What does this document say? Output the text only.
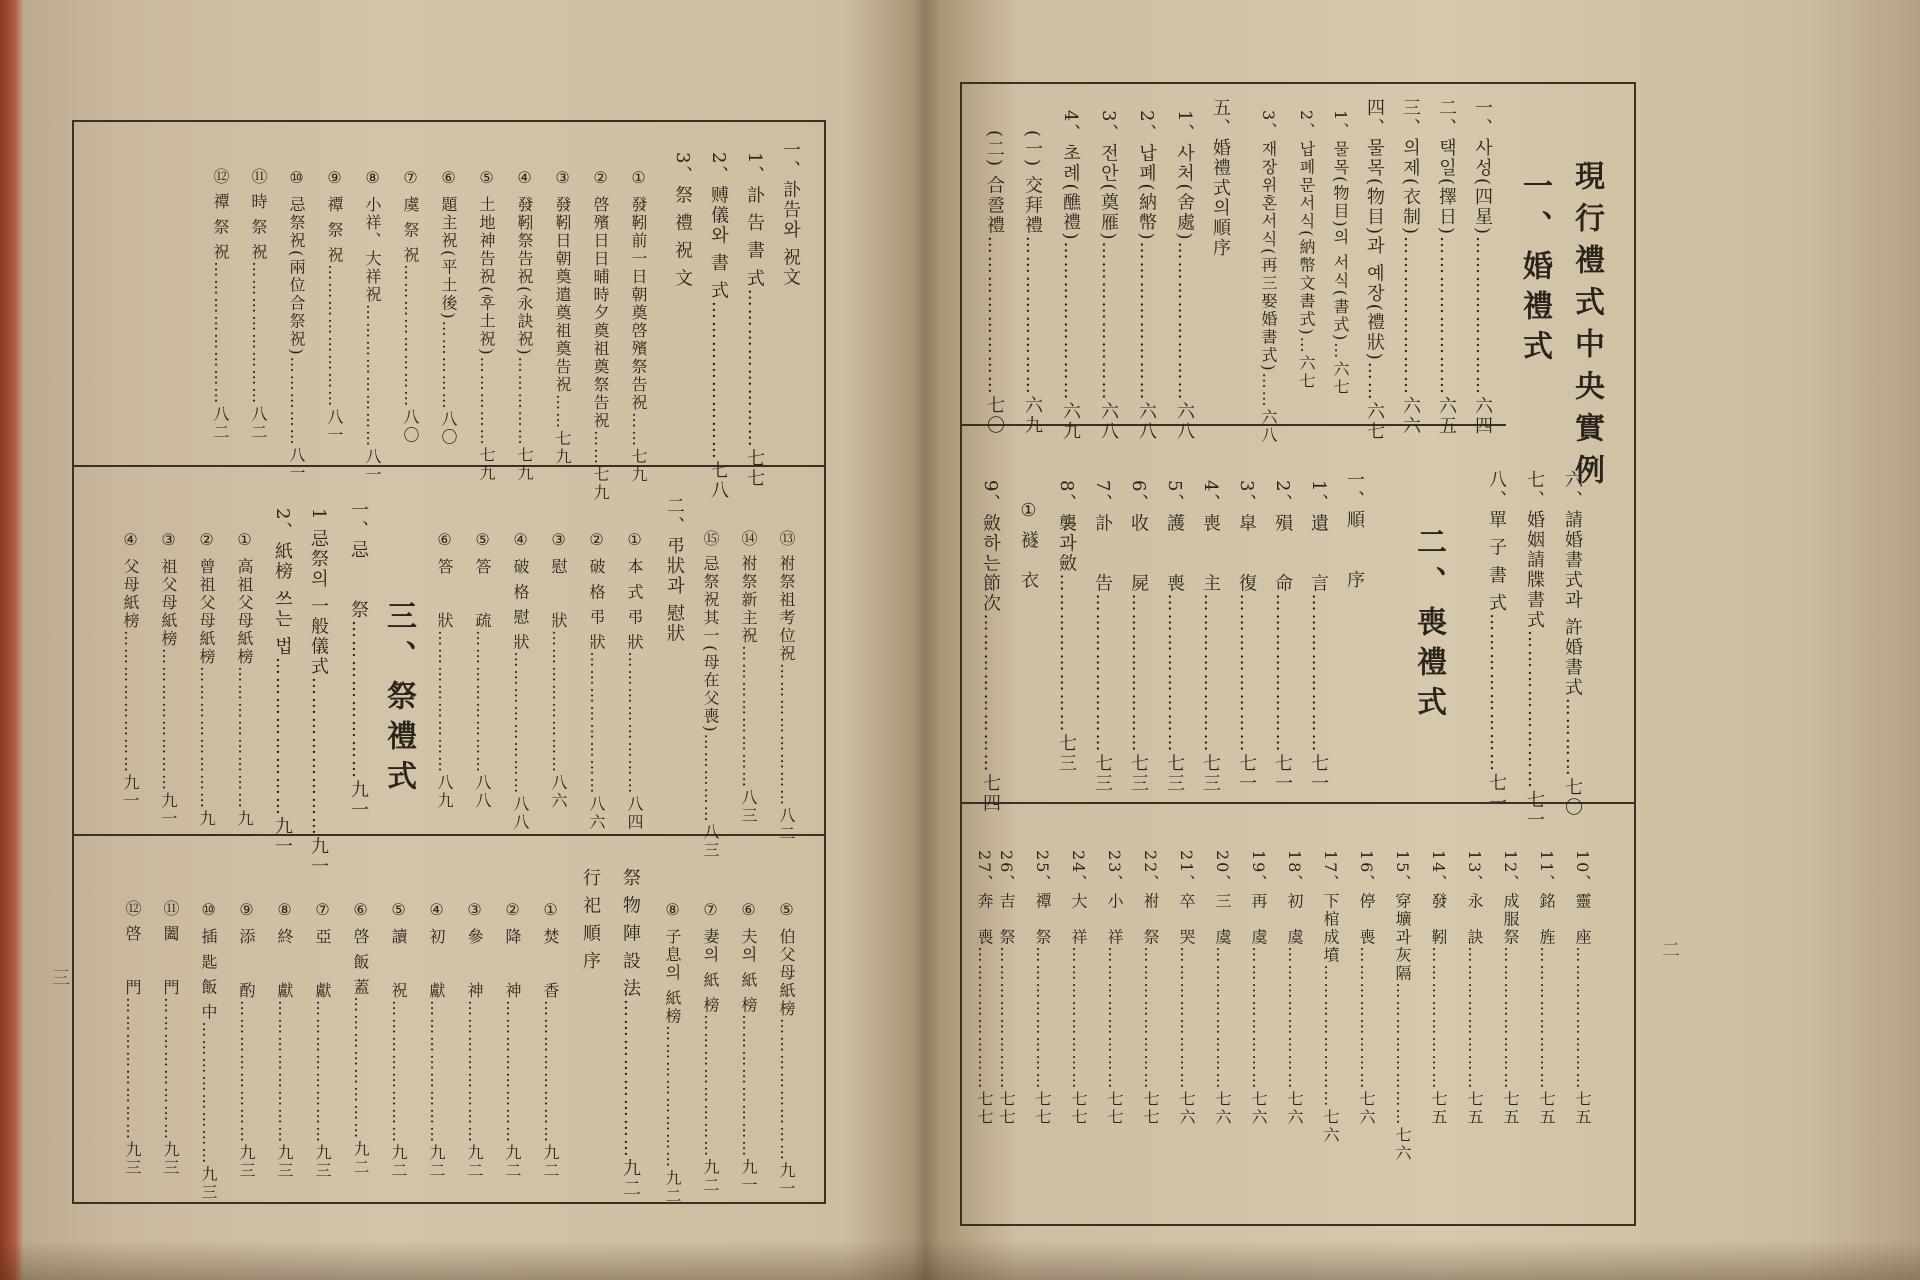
三
一、訃告와 祝文
1、訃 告 書 式……………………七七
2、赙儀와 書 式……………………七八
3、祭 禮 祝 文
① 發靷前一日朝奠啓殯祭告祝……七九
② 啓殯日日晡時夕奠祖奠祭告祝……七九
③ 發靷日朝奠遣奠祖奠告祝……七九
④ 發靷祭告祝(永訣祝)……………七九
⑤ 土地神告祝(후土祝)……………七九
⑥ 題主祝(平土後)……………八〇
⑦ 虞 祭 祝……………………八〇
⑧ 小祥、大祥祝……………………八一
⑨ 禫 祭 祝……………………八一
⑩ 忌祭祝(兩位合祭祝)……………八一
⑪ 時 祭 祝……………………八二
⑫ 禫 祭 祝……………………八二
⑬ 祔祭祖考位祝……………………八二
⑭ 祔祭新主祝……………………八三
⑮ 忌祭祝其一(母在父喪)……………八三
二、弔狀과 慰狀
① 本 式 弔 狀……………………八四
② 破 格 弔 狀……………………八六
③ 慰　　狀……………………八六
④ 破 格 慰 狀……………………八八
⑤ 答　　疏……………………八八
⑥ 答　　狀……………………八九
三、祭禮式
一、忌　　祭……………………九一
1 忌祭의 一般儀式……………………九一
2、紙榜 쓰는 법……………………九一
① 高祖父母紙榜……………………九一
② 曾祖父母紙榜……………………九一
③ 祖父母紙榜……………………九一
④ 父母紙榜……………………九一
⑤ 伯父母紙榜……………………九一
⑥ 夫의 紙 榜……………………九一
⑦ 妻의 紙 榜……………………九二
⑧ 子息의 紙榜……………………九二
祭 物 陣 設 法……………………九二
行 祀 順 序
① 焚　　香……………………九二
② 降　　神……………………九二
③ 參　　神……………………九二
④ 初　　獻……………………九二
⑤ 讀　　祝……………………九二
⑥ 啓 飯 蓋……………………九二
⑦ 亞　　獻……………………九三
⑧ 終　　獻……………………九三
⑨ 添　　酌……………………九三
⑩ 插 匙 飯 中……………………九三
⑪ 闔　　門……………………九三
⑫ 啓　　門……………………九三	二
現行禮式中央實例
一、婚禮式
一、사성(四星)……………………六四
二、택일(擇日)……………………六五
三、의제(衣制)……………………六六
四、물목(物目)과 예장(禮狀)……六七
1、물목(物目)의 서식(書式)…六七
2、납폐문서식(納幣文書式)…六七
3、재장위혼서식(再三娶婚書式)……六八
五、婚禮式의順序
1、사처(舍處)……………………六八
2、납폐(納幣)……………………六八
3、전안(奠雁)……………………六八
4、초례(醮禮)……………………六九
(一) 交拜禮……………………六九
(二) 合巹禮……………………七〇
六、請婚書式과 許婚書式…………七〇
七、婚姻請牒書式……………………七一
八、單 子 書 式……………………七一
二、喪禮式
一、順　　序
1、遺　　言……………………七一
2、殞　　命……………………七一
3、皐　　復……………………七一
4、喪　　主……………………七三
5、護　　喪……………………七三
6、收　　屍……………………七三
7、訃　　告……………………七三
8、襲과斂……………………七三
① 襚　衣
9、斂하는節次……………………七四
10、靈　座……………………七五
11、銘　旌……………………七五
12、成服祭……………………七五
13、永　訣……………………七五
14、發　靷……………………七五
15、穿壙과灰隔……………………七六
16、停　喪……………………七六
17、下棺成墳……………………七六
18、初　虞……………………七六
19、再　虞……………………七六
20、三　虞……………………七六
21、卒　哭……………………七六
22、祔　祭……………………七七
23、小　祥……………………七七
24、大　祥……………………七七
25、禫　祭……………………七七
26、吉　祭……………………七七
27、奔　喪……………………七七
